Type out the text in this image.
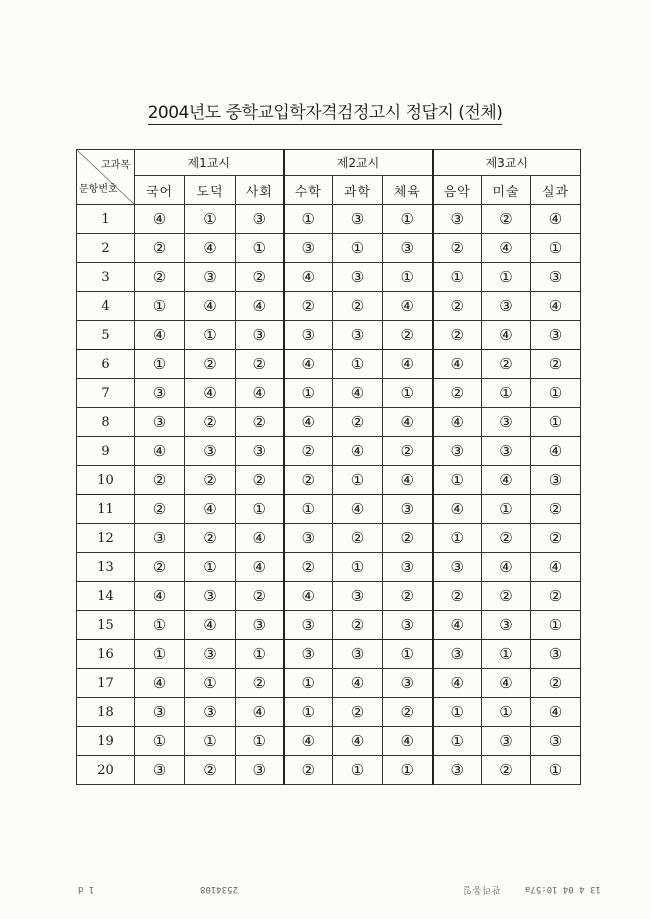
2004년도 중학교입학자격검정고시 정답지 (전체)
고과목
문항번호	제1교시			제2교시			제3교시		
	국어	도덕	사회	수학	과학	체육	음악	미술	실과
1	④	①	③	①	③	①	③	②	④
2	②	④	①	③	①	③	②	④	①
3	②	③	②	④	③	①	①	①	③
4	①	④	④	②	②	④	②	③	④
5	④	①	③	③	③	②	②	④	③
6	①	②	②	④	①	④	④	②	②
7	③	④	④	①	④	①	②	①	①
8	③	②	②	④	②	④	④	③	①
9	④	③	③	②	④	②	③	③	④
10	②	②	②	②	①	④	①	④	③
11	②	④	①	①	④	③	④	①	②
12	③	②	④	③	②	②	①	②	②
13	②	①	④	②	①	③	③	④	④
14	④	③	②	④	③	②	②	②	②
15	①	④	③	③	②	③	④	③	①
16	①	③	①	③	③	①	③	①	③
17	④	①	②	①	④	③	④	④	②
18	③	③	④	①	②	②	①	①	④
19	①	①	①	④	④	④	①	③	③
20	③	②	③	②	①	①	③	②	①
1 d	2534108	관리통일	13 4 04 10:57a
